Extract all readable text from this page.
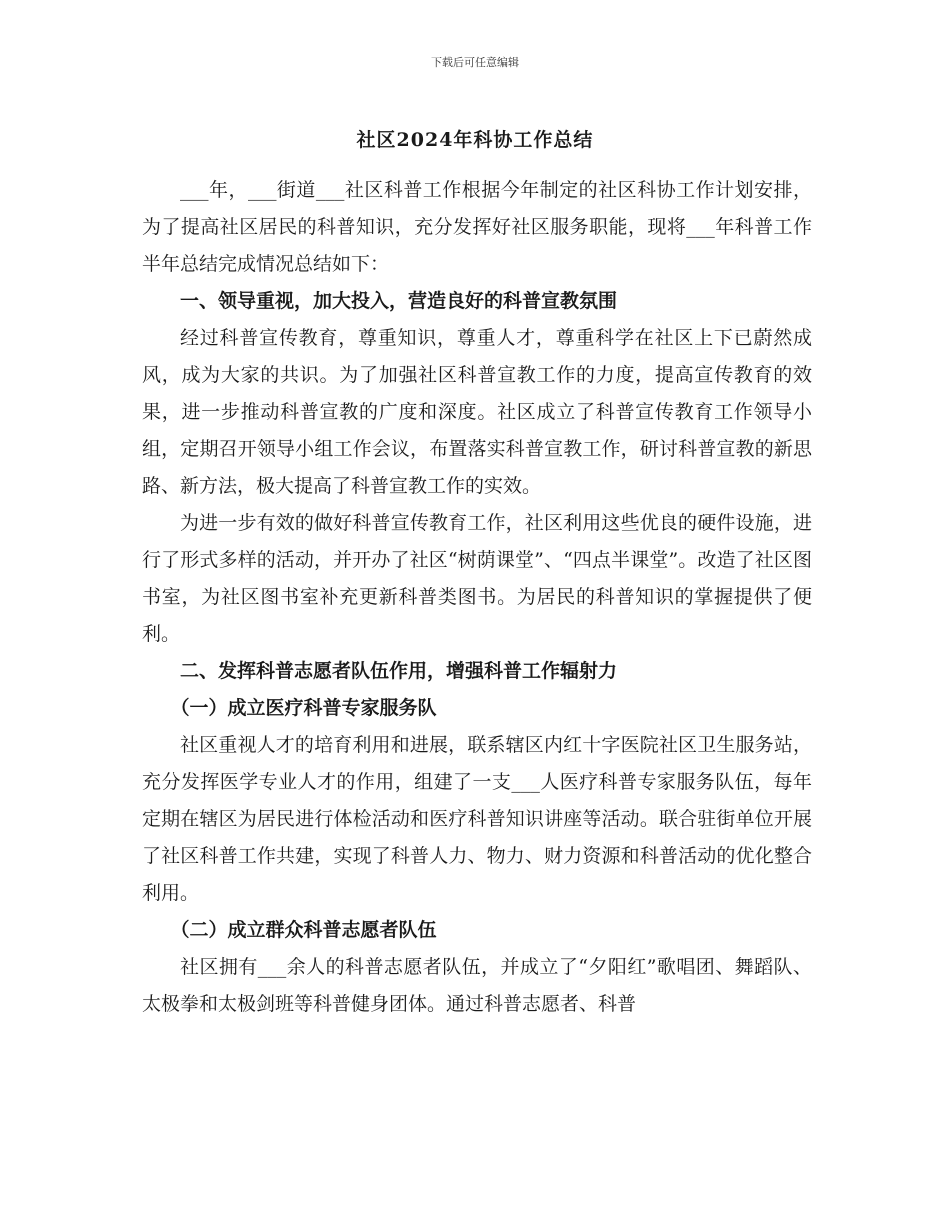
下载后可任意编辑
社区2024年科协工作总结

___年，___街道___社区科普工作根据今年制定的社区科协工作计划安排，为了提高社区居民的科普知识，充分发挥好社区服务职能，现将___年科普工作半年总结完成情况总结如下：

一、领导重视，加大投入，营造良好的科普宣教氛围

经过科普宣传教育，尊重知识，尊重人才，尊重科学在社区上下已蔚然成风，成为大家的共识。为了加强社区科普宣教工作的力度，提高宣传教育的效果，进一步推动科普宣教的广度和深度。社区成立了科普宣传教育工作领导小组，定期召开领导小组工作会议，布置落实科普宣教工作，研讨科普宣教的新思路、新方法，极大提高了科普宣教工作的实效。

为进一步有效的做好科普宣传教育工作，社区利用这些优良的硬件设施，进行了形式多样的活动，并开办了社区“树荫课堂”、“四点半课堂”。改造了社区图书室，为社区图书室补充更新科普类图书。为居民的科普知识的掌握提供了便利。

二、发挥科普志愿者队伍作用，增强科普工作辐射力

（一）成立医疗科普专家服务队

社区重视人才的培育利用和进展，联系辖区内红十字医院社区卫生服务站，充分发挥医学专业人才的作用，组建了一支___人医疗科普专家服务队伍，每年定期在辖区为居民进行体检活动和医疗科普知识讲座等活动。联合驻街单位开展了社区科普工作共建，实现了科普人力、物力、财力资源和科普活动的优化整合利用。

（二）成立群众科普志愿者队伍

社区拥有___余人的科普志愿者队伍，并成立了“夕阳红”歌唱团、舞蹈队、太极拳和太极剑班等科普健身团体。通过科普志愿者、科普
